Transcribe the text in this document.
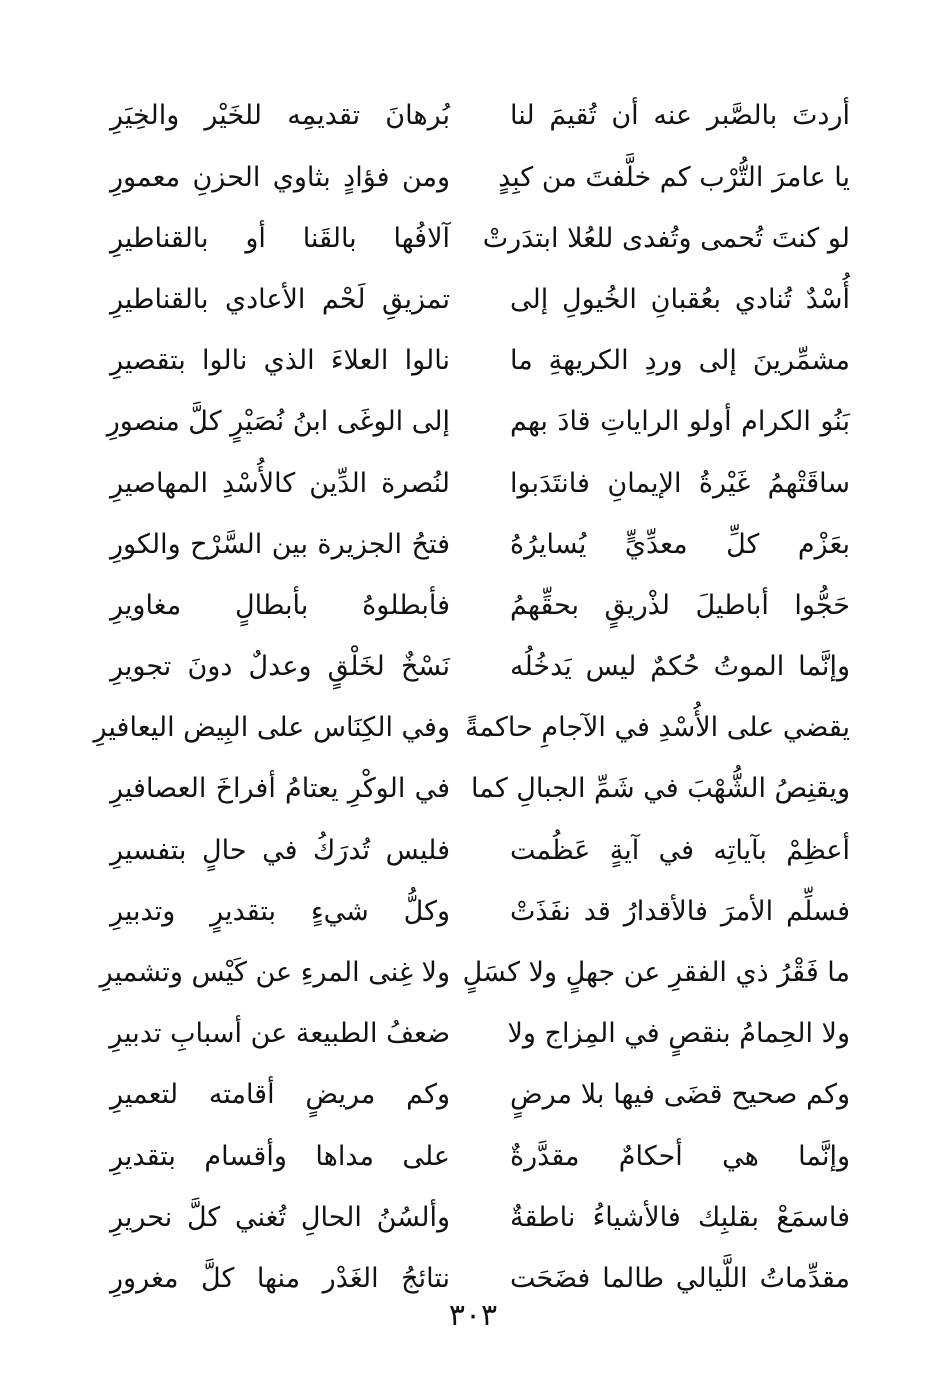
أردتَ بالصَّبر عنه أن تُقيمَ لنا
بُرهانَ تقديمِه للخَيْر والخِيَرِ
يا عامرَ التُّرْب كم خلَّفتَ من كبِدٍ
ومن فؤادٍ بثاوي الحزنِ معمورِ
لو كنتَ تُحمى وتُفدى للعُلا ابتدَرتْ
آلافُها بالقَنا أو بالقناطيرِ
أُسْدٌ تُنادي بعُقبانِ الخُيولِ إلى
تمزيقِ لَحْم الأعادي بالقناطيرِ
مشمِّرينَ إلى وردِ الكريهةِ ما
نالوا العلاءَ الذي نالوا بتقصيرِ
بَنُو الكرام أولو الراياتِ قادَ بهم
إلى الوغَى ابنُ نُصَيْرٍ كلَّ منصورِ
ساقَتْهمُ غَيْرةُ الإيمانِ فانتَدَبوا
لنُصرة الدِّين كالأُسْدِ المهاصيرِ
بعَزْم كلِّ معدِّيٍّ يُسايرُهُ
فتحُ الجزيرة بين السَّرْح والكورِ
حَجُّوا أباطيلَ لذْريقٍ بحقِّهمُ
فأبطلوهُ بأبطالٍ مغاويرِ
وإنَّما الموتُ حُكمٌ ليس يَدخُلُه
نَسْخٌ لخَلْقٍ وعدلٌ دونَ تجويرِ
يقضي على الأُسْدِ في الآجامِ حاكمةً
وفي الكِنَاس على البِيض اليعافيرِ
ويقنِصُ الشُّهْبَ في شَمِّ الجبالِ كما
في الوكْرِ يعتامُ أفراخَ العصافيرِ
أعظِمْ بآياتِه في آيةٍ عَظُمت
فليس تُدرَكُ في حالٍ بتفسيرِ
فسلِّم الأمرَ فالأقدارُ قد نفَذَتْ
وكلُّ شيءٍ بتقديرٍ وتدبيرِ
ما فَقْرُ ذي الفقرِ عن جهلٍ ولا كسَلٍ
ولا غِنى المرءِ عن كَيْس وتشميرِ
ولا الحِمامُ بنقصٍ في المِزاج ولا
ضعفُ الطبيعة عن أسبابِ تدبيرِ
وكم صحيح قضَى فيها بلا مرضٍ
وكم مريضٍ أقامته لتعميرِ
وإنَّما هي أحكامٌ مقدَّرةٌ
على مداها وأقسام بتقديرِ
فاسمَعْ بقلبِك فالأشياءُ ناطقةٌ
وألسُنُ الحالِ تُغني كلَّ نحريرِ
مقدِّماتُ اللَّيالي طالما فضَحَت
نتائجُ الغَدْر منها كلَّ مغرورِ
٣٠٣
